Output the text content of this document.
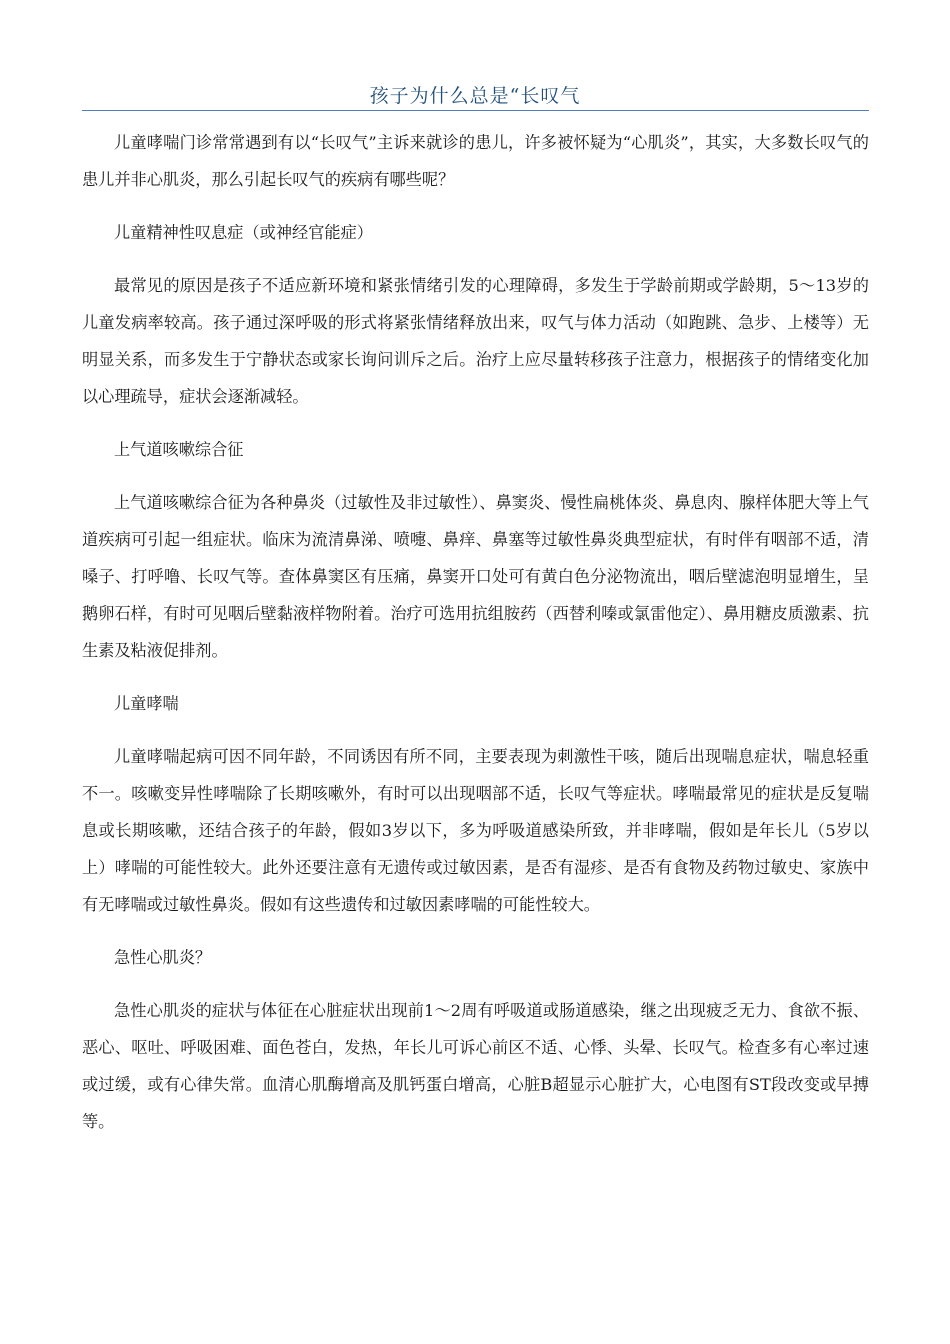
孩子为什么总是“长叹气

儿童哮喘门诊常常遇到有以“长叹气”主诉来就诊的患儿，许多被怀疑为“心肌炎”，其实，大多数长叹气的患儿并非心肌炎，那么引起长叹气的疾病有哪些呢？

儿童精神性叹息症（或神经官能症）

最常见的原因是孩子不适应新环境和紧张情绪引发的心理障碍，多发生于学龄前期或学龄期，5～13岁的儿童发病率较高。孩子通过深呼吸的形式将紧张情绪释放出来，叹气与体力活动（如跑跳、急步、上楼等）无明显关系，而多发生于宁静状态或家长询问训斥之后。治疗上应尽量转移孩子注意力，根据孩子的情绪变化加以心理疏导，症状会逐渐减轻。

上气道咳嗽综合征

上气道咳嗽综合征为各种鼻炎（过敏性及非过敏性）、鼻窦炎、慢性扁桃体炎、鼻息肉、腺样体肥大等上气道疾病可引起一组症状。临床为流清鼻涕、喷嚏、鼻痒、鼻塞等过敏性鼻炎典型症状，有时伴有咽部不适，清嗓子、打呼噜、长叹气等。查体鼻窦区有压痛，鼻窦开口处可有黄白色分泌物流出，咽后壁滤泡明显增生，呈鹅卵石样，有时可见咽后壁黏液样物附着。治疗可选用抗组胺药（西替利嗪或氯雷他定）、鼻用糖皮质激素、抗生素及粘液促排剂。

儿童哮喘

儿童哮喘起病可因不同年龄，不同诱因有所不同，主要表现为刺激性干咳，随后出现喘息症状，喘息轻重不一。咳嗽变异性哮喘除了长期咳嗽外，有时可以出现咽部不适，长叹气等症状。哮喘最常见的症状是反复喘息或长期咳嗽，还结合孩子的年龄，假如3岁以下，多为呼吸道感染所致，并非哮喘，假如是年长儿（5岁以上）哮喘的可能性较大。此外还要注意有无遗传或过敏因素，是否有湿疹、是否有食物及药物过敏史、家族中有无哮喘或过敏性鼻炎。假如有这些遗传和过敏因素哮喘的可能性较大。

急性心肌炎？

急性心肌炎的症状与体征在心脏症状出现前1～2周有呼吸道或肠道感染，继之出现疲乏无力、食欲不振、恶心、呕吐、呼吸困难、面色苍白，发热，年长儿可诉心前区不适、心悸、头晕、长叹气。检查多有心率过速或过缓，或有心律失常。血清心肌酶增高及肌钙蛋白增高，心脏B超显示心脏扩大，心电图有ST段改变或早搏等。
